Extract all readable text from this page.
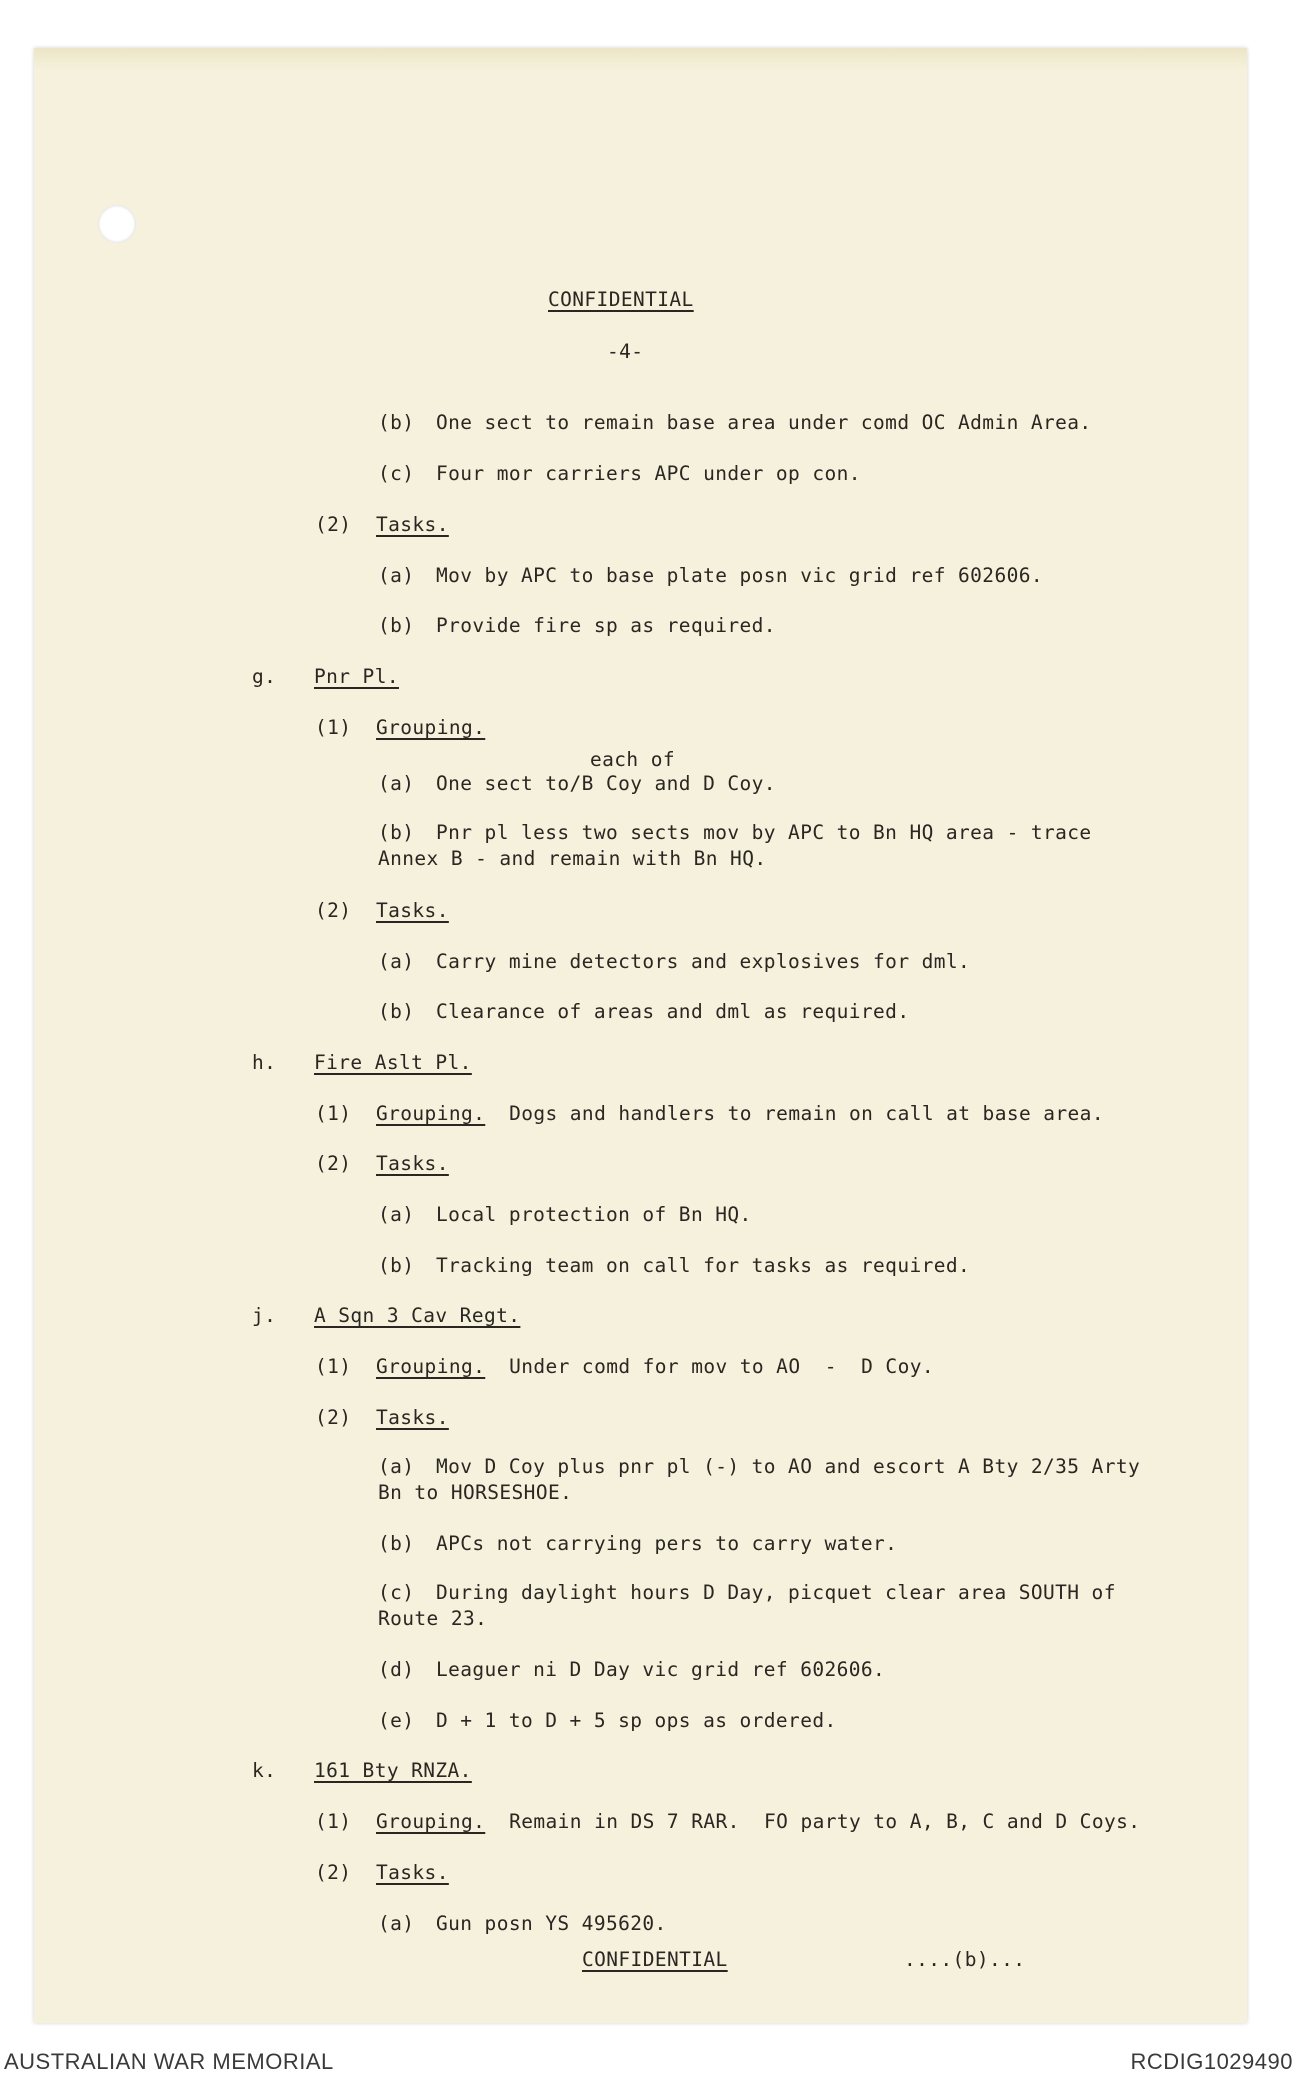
CONFIDENTIAL
-4-
(b) One sect to remain base area under comd OC Admin Area.
(c) Four mor carriers APC under op con.
(2) Tasks.
(a) Mov by APC to base plate posn vic grid ref 602606.
(b) Provide fire sp as required.
g. Pnr Pl.
(1) Grouping.
each of
(a) One sect to/B Coy and D Coy.
(b) Pnr pl less two sects mov by APC to Bn HQ area - trace
Annex B - and remain with Bn HQ.
(2) Tasks.
(a) Carry mine detectors and explosives for dml.
(b) Clearance of areas and dml as required.
h. Fire Aslt Pl.
(1) Grouping. Dogs and handlers to remain on call at base area.
(2) Tasks.
(a) Local protection of Bn HQ.
(b) Tracking team on call for tasks as required.
j. A Sqn 3 Cav Regt.
(1) Grouping. Under comd for mov to AO  -  D Coy.
(2) Tasks.
(a) Mov D Coy plus pnr pl (-) to AO and escort A Bty 2/35 Arty
Bn to HORSESHOE.
(b) APCs not carrying pers to carry water.
(c) During daylight hours D Day, picquet clear area SOUTH of
Route 23.
(d) Leaguer ni D Day vic grid ref 602606.
(e) D + 1 to D + 5 sp ops as ordered.
k. 161 Bty RNZA.
(1) Grouping. Remain in DS 7 RAR.  FO party to A, B, C and D Coys.
(2) Tasks.
(a) Gun posn YS 495620.
CONFIDENTIAL	....(b)...
AUSTRALIAN WAR MEMORIAL	RCDIG1029490
